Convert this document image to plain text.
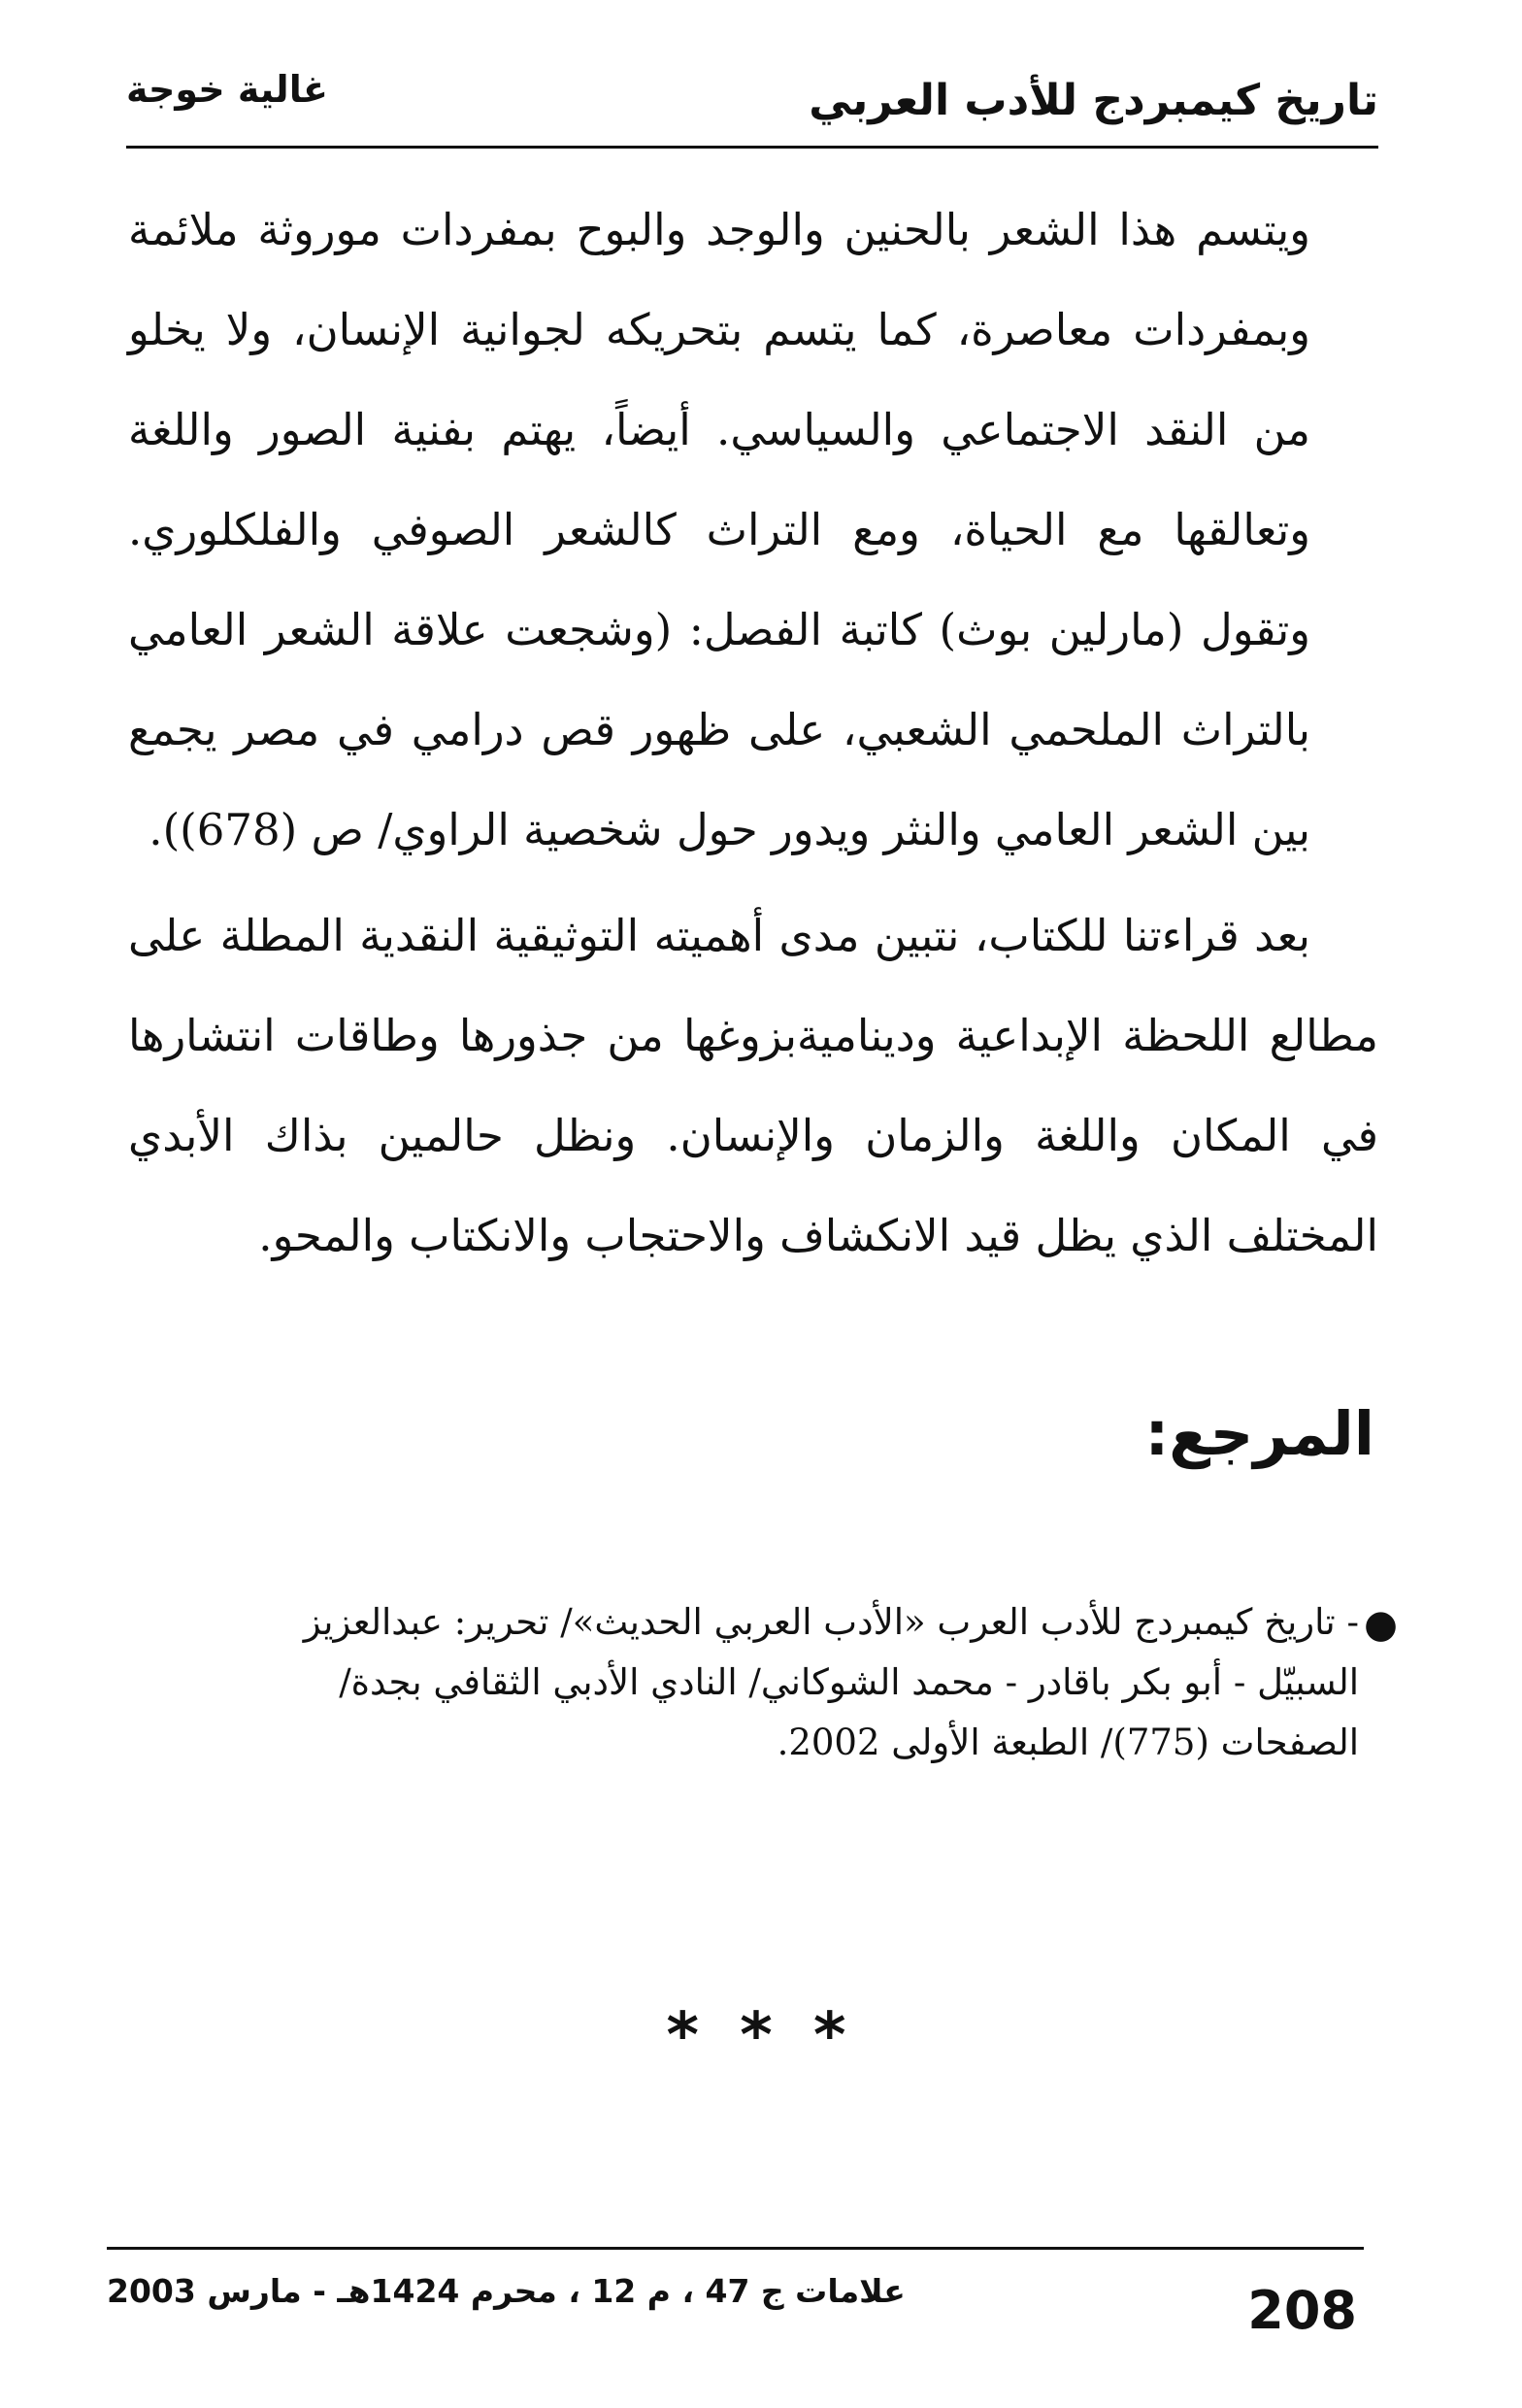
تاريخ كيمبردج للأدب العربي
غالية خوجة

ويتسم هذا الشعر بالحنين والوجد والبوح بمفردات موروثة ملائمة وبمفردات معاصرة، كما يتسم بتحريكه لجوانية الإنسان، ولا يخلو من النقد الاجتماعي والسياسي. أيضاً، يهتم بفنية الصور واللغة وتعالقها مع الحياة، ومع التراث كالشعر الصوفي والفلكلوري. وتقول (مارلين بوث) كاتبة الفصل: (وشجعت علاقة الشعر العامي بالتراث الملحمي الشعبي، على ظهور قص درامي في مصر يجمع بين الشعر العامي والنثر ويدور حول شخصية الراوي/ ص (678)).

بعد قراءتنا للكتاب، نتبين مدى أهميته التوثيقية النقدية المطلة على مطالع اللحظة الإبداعية وديناميةبزوغها من جذورها وطاقات انتشارها في المكان واللغة والزمان والإنسان. ونظل حالمين بذاك الأبدي المختلف الذي يظل قيد الانكشاف والاحتجاب والانكتاب والمحو.

المرجع:
●
- تاريخ كيمبردج للأدب العرب «الأدب العربي الحديث»/ تحرير: عبدالعزيز السبيّل - أبو بكر باقادر - محمد الشوكاني/ النادي الأدبي الثقافي بجدة/ الصفحات (775)/ الطبعة الأولى 2002.
* * *
علامات ج 47 ، م 12 ، محرم 1424هـ - مارس 2003	208
